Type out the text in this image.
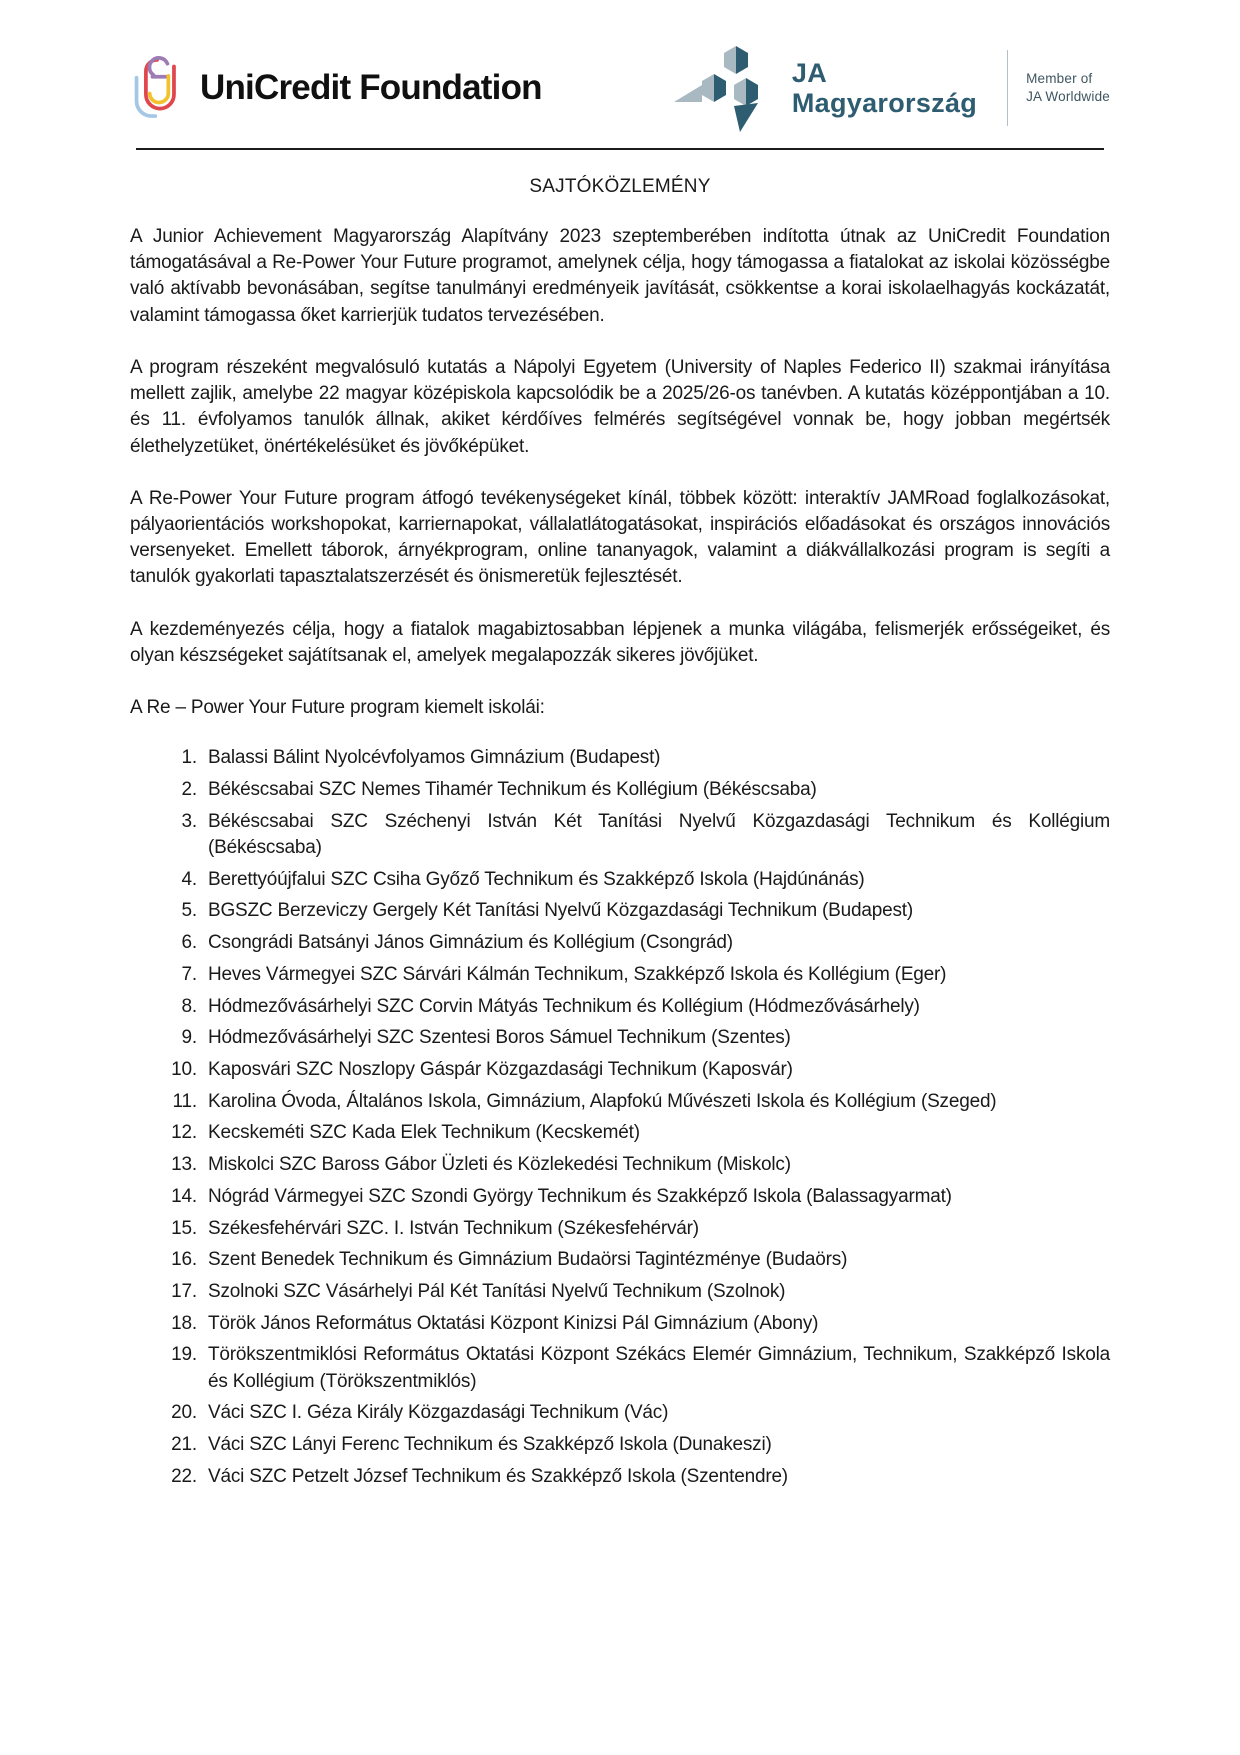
UniCredit Foundation	JA
Magyarország
Member of
JA Worldwide
SAJTÓKÖZLEMÉNY

A Junior Achievement Magyarország Alapítvány 2023 szeptemberében indította útnak az UniCredit Foundation támogatásával a Re-Power Your Future programot, amelynek célja, hogy támogassa a fiatalokat az iskolai közösségbe való aktívabb bevonásában, segítse tanulmányi eredményeik javítását, csökkentse a korai iskolaelhagyás kockázatát, valamint támogassa őket karrierjük tudatos tervezésében.

A program részeként megvalósuló kutatás a Nápolyi Egyetem (University of Naples Federico II) szakmai irányítása mellett zajlik, amelybe 22 magyar középiskola kapcsolódik be a 2025/26-os tanévben. A kutatás középpontjában a 10. és 11. évfolyamos tanulók állnak, akiket kérdőíves felmérés segítségével vonnak be, hogy jobban megértsék élethelyzetüket, önértékelésüket és jövőképüket.

A Re-Power Your Future program átfogó tevékenységeket kínál, többek között: interaktív JAMRoad foglalkozásokat, pályaorientációs workshopokat, karriernapokat, vállalatlátogatásokat, inspirációs előadásokat és országos innovációs versenyeket. Emellett táborok, árnyékprogram, online tananyagok, valamint a diákvállalkozási program is segíti a tanulók gyakorlati tapasztalatszerzését és önismeretük fejlesztését.

A kezdeményezés célja, hogy a fiatalok magabiztosabban lépjenek a munka világába, felismerjék erősségeiket, és olyan készségeket sajátítsanak el, amelyek megalapozzák sikeres jövőjüket.

A Re – Power Your Future program kiemelt iskolái:

1. Balassi Bálint Nyolcévfolyamos Gimnázium (Budapest)
2. Békéscsabai SZC Nemes Tihamér Technikum és Kollégium (Békéscsaba)
3. Békéscsabai SZC Széchenyi István Két Tanítási Nyelvű Közgazdasági Technikum és Kollégium (Békéscsaba)
4. Berettyóújfalui SZC Csiha Győző Technikum és Szakképző Iskola (Hajdúnánás)
5. BGSZC Berzeviczy Gergely Két Tanítási Nyelvű Közgazdasági Technikum (Budapest)
6. Csongrádi Batsányi János Gimnázium és Kollégium (Csongrád)
7. Heves Vármegyei SZC Sárvári Kálmán Technikum, Szakképző Iskola és Kollégium (Eger)
8. Hódmezővásárhelyi SZC Corvin Mátyás Technikum és Kollégium (Hódmezővásárhely)
9. Hódmezővásárhelyi SZC Szentesi Boros Sámuel Technikum (Szentes)
10. Kaposvári SZC Noszlopy Gáspár Közgazdasági Technikum (Kaposvár)
11. Karolina Óvoda, Általános Iskola, Gimnázium, Alapfokú Művészeti Iskola és Kollégium (Szeged)
12. Kecskeméti SZC Kada Elek Technikum (Kecskemét)
13. Miskolci SZC Baross Gábor Üzleti és Közlekedési Technikum (Miskolc)
14. Nógrád Vármegyei SZC Szondi György Technikum és Szakképző Iskola (Balassagyarmat)
15. Székesfehérvári SZC. I. István Technikum (Székesfehérvár)
16. Szent Benedek Technikum és Gimnázium Budaörsi Tagintézménye (Budaörs)
17. Szolnoki SZC Vásárhelyi Pál Két Tanítási Nyelvű Technikum (Szolnok)
18. Török János Református Oktatási Központ Kinizsi Pál Gimnázium (Abony)
19. Törökszentmiklósi Református Oktatási Központ Székács Elemér Gimnázium, Technikum, Szakképző Iskola és Kollégium (Törökszentmiklós)
20. Váci SZC I. Géza Király Közgazdasági Technikum (Vác)
21. Váci SZC Lányi Ferenc Technikum és Szakképző Iskola (Dunakeszi)
22. Váci SZC Petzelt József Technikum és Szakképző Iskola (Szentendre)
